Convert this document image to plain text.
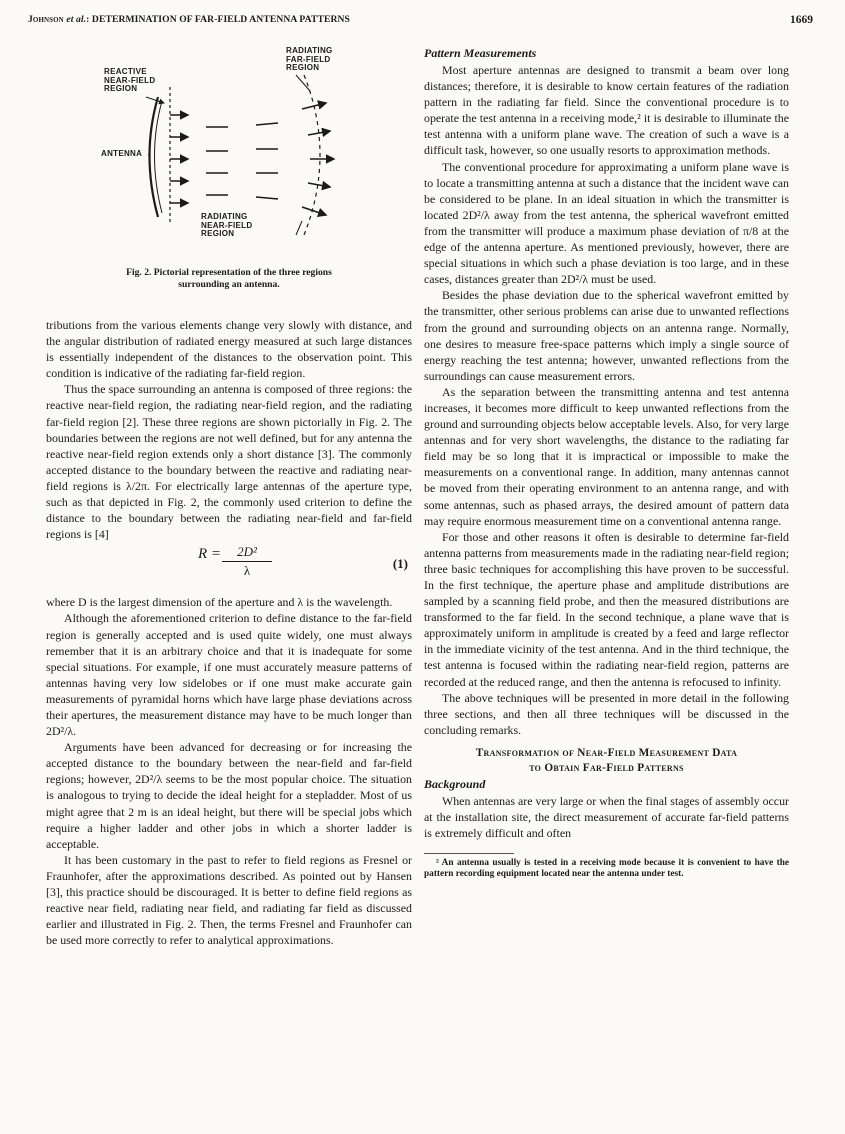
Johnson et al.: DETERMINATION OF FAR-FIELD ANTENNA PATTERNS	1669
RADIATING
FAR-FIELD
REGION
REACTIVE
NEAR-FIELD
REGION
ANTENNA
RADIATING
NEAR-FIELD
REGION
Fig. 2. Pictorial representation of the three regions
surrounding an antenna.

tributions from the various elements change very slowly with distance, and the angular distribution of radiated energy measured at such large distances is essentially independent of the distances to the observation point. This condition is indicative of the radiating far-field region.

Thus the space surrounding an antenna is composed of three regions: the reactive near-field region, the radiating near-field region, and the radiating far-field region [2]. These three regions are shown pictorially in Fig. 2. The boundaries between the regions are not well defined, but for any antenna the reactive near-field region extends only a short distance [3]. The commonly accepted distance to the boundary between the reactive and radiating near-field regions is λ/2π. For electrically large antennas of the aperture type, such as that depicted in Fig. 2, the commonly used criterion to define the distance to the boundary between the radiating near-field and far-field regions is [4]

$R = \frac{\text{2D²}}{\lambda}$	(1)

where D is the largest dimension of the aperture and λ is the wavelength.

Although the aforementioned criterion to define distance to the far-field region is generally accepted and is used quite widely, one must always remember that it is an arbitrary choice and that it is inadequate for some special situations. For example, if one must accurately measure patterns of antennas having very low sidelobes or if one must make accurate gain measurements of pyramidal horns which have large phase deviations across their apertures, the measurement distance may have to be much longer than 2D²/λ.

Arguments have been advanced for decreasing or for increasing the accepted distance to the boundary between the near-field and far-field regions; however, 2D²/λ seems to be the most popular choice. The situation is analogous to trying to decide the ideal height for a stepladder. Most of us might agree that 2 m is an ideal height, but there will be special jobs which require a higher ladder and other jobs in which a shorter ladder is acceptable.

It has been customary in the past to refer to field regions as Fresnel or Fraunhofer, after the approximations described. As pointed out by Hansen [3], this practice should be discouraged. It is better to define field regions as reactive near field, radiating near field, and radiating far field as discussed earlier and illustrated in Fig. 2. Then, the terms Fresnel and Fraunhofer can be used more correctly to refer to analytical approximations.

Pattern Measurements

Most aperture antennas are designed to transmit a beam over long distances; therefore, it is desirable to know certain features of the radiation pattern in the radiating far field. Since the conventional procedure is to operate the test antenna in a receiving mode,² it is desirable to illuminate the test antenna with a uniform plane wave. The creation of such a wave is a difficult task, however, so one usually resorts to approximation methods.

The conventional procedure for approximating a uniform plane wave is to locate a transmitting antenna at such a distance that the incident wave can be considered to be plane. In an ideal situation in which the transmitter is located 2D²/λ away from the test antenna, the spherical wavefront emitted from the transmitter will produce a maximum phase deviation of π/8 at the edge of the antenna aperture. As mentioned previously, however, there are special situations in which such a phase deviation is too large, and in these cases, distances greater than 2D²/λ must be used.

Besides the phase deviation due to the spherical wavefront emitted by the transmitter, other serious problems can arise due to unwanted reflections from the ground and surrounding objects on an antenna range. Normally, one desires to measure free-space patterns which imply a single source of energy reaching the test antenna; however, unwanted reflections from the surroundings can cause measurement errors.

As the separation between the transmitting antenna and test antenna increases, it becomes more difficult to keep unwanted reflections from the ground and surrounding objects below acceptable levels. Also, for very large antennas and for very short wavelengths, the distance to the radiating far field may be so long that it is impractical or impossible to make the measurements on a conventional range. In addition, many antennas cannot be moved from their operating environment to an antenna range, and with some antennas, such as phased arrays, the desired amount of pattern data may require enormous measurement time on a conventional antenna range.

For those and other reasons it often is desirable to determine far-field antenna patterns from measurements made in the radiating near-field region; three basic techniques for accomplishing this have proven to be successful. In the first technique, the aperture phase and amplitude distributions are sampled by a scanning field probe, and then the measured distributions are transformed to the far field. In the second technique, a plane wave that is approximately uniform in amplitude is created by a feed and large reflector in the immediate vicinity of the test antenna. And in the third technique, the test antenna is focused within the radiating near-field region, patterns are recorded at the reduced range, and then the antenna is refocused to infinity.

The above techniques will be presented in more detail in the following three sections, and then all three techniques will be discussed in the concluding remarks.

Transformation of Near-Field Measurement Data
to Obtain Far-Field Patterns
Background

When antennas are very large or when the final stages of assembly occur at the installation site, the direct measurement of accurate far-field patterns is extremely difficult and often

² An antenna usually is tested in a receiving mode because it is convenient to have the pattern recording equipment located near the antenna under test.
